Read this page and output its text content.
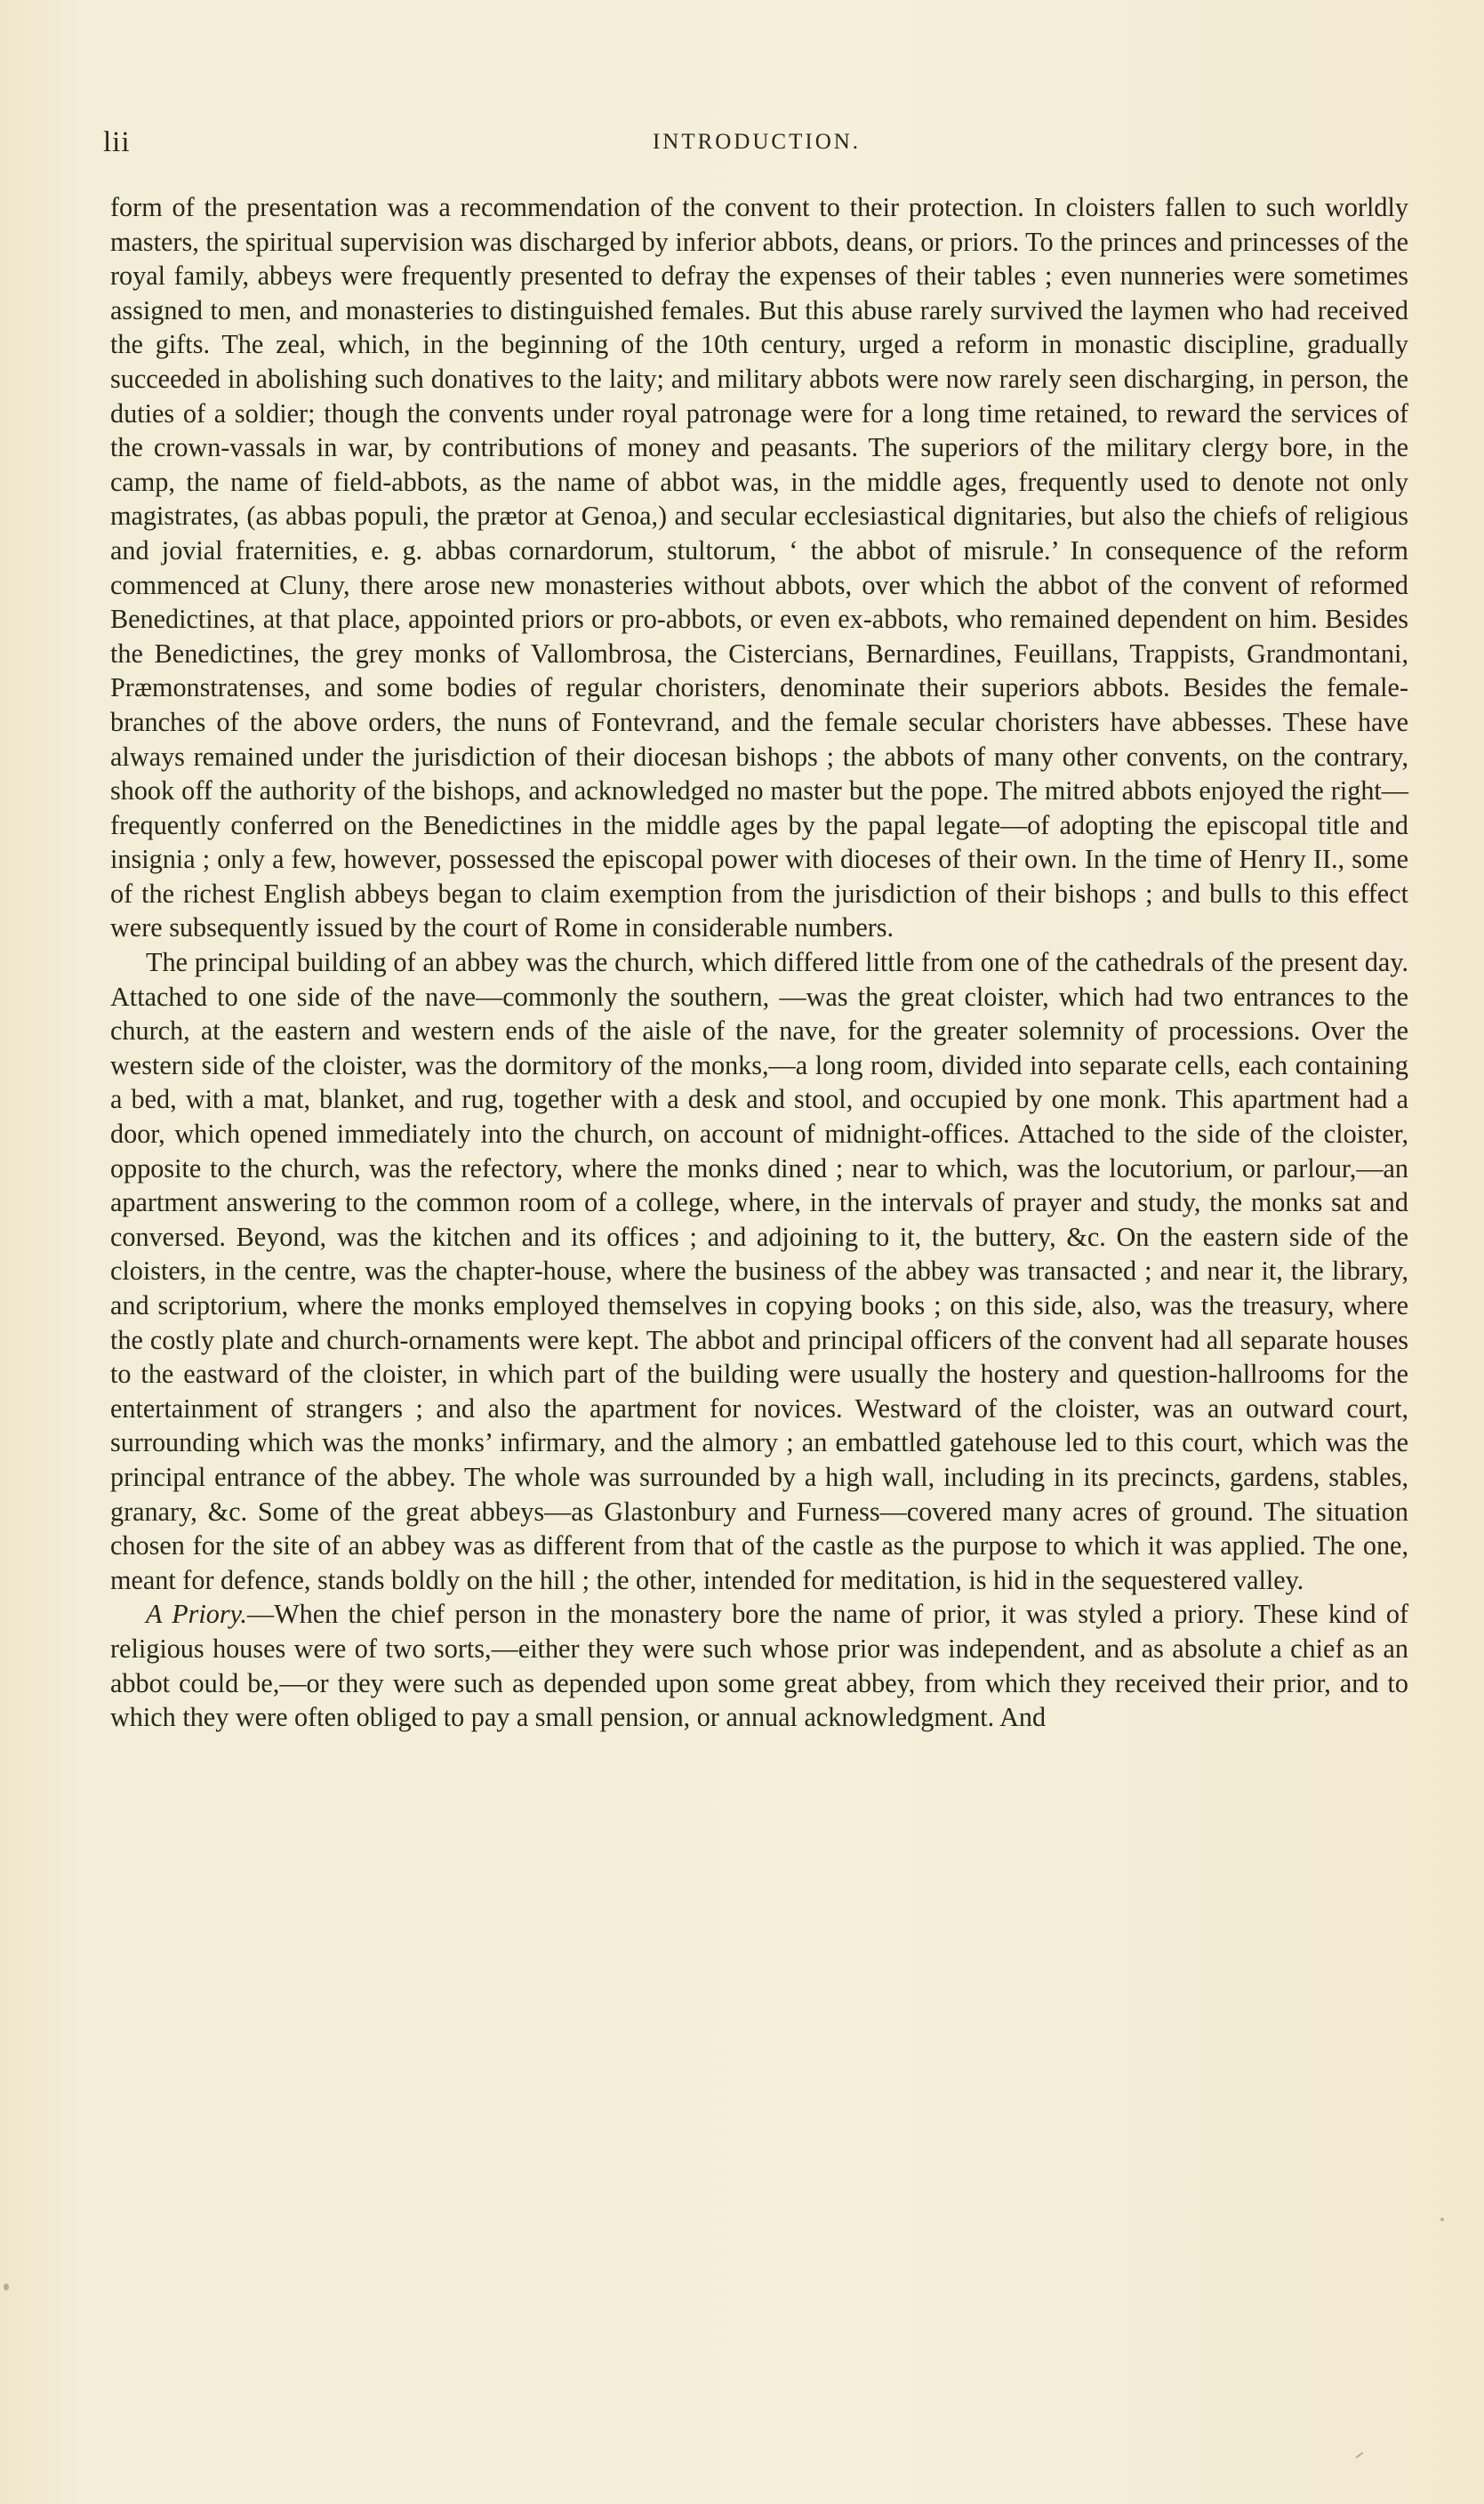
lii	INTRODUCTION.

form of the presentation was a recommendation of the convent to their protection. In cloisters fallen to such worldly masters, the spiritual supervision was discharged by inferior abbots, deans, or priors. To the princes and princesses of the royal family, abbeys were frequently presented to defray the expenses of their tables ; even nunneries were sometimes assigned to men, and monasteries to distinguished females. But this abuse rarely survived the laymen who had received the gifts. The zeal, which, in the beginning of the 10th century, urged a reform in monastic discipline, gradually succeeded in abolishing such donatives to the laity; and military abbots were now rarely seen discharging, in person, the duties of a soldier; though the convents under royal patronage were for a long time retained, to reward the services of the crown-vassals in war, by contributions of money and peasants. The superiors of the military clergy bore, in the camp, the name of field-abbots, as the name of abbot was, in the middle ages, frequently used to denote not only magistrates, (as abbas populi, the prætor at Genoa,) and secular ecclesiastical dignitaries, but also the chiefs of religious and jovial fraternities, e. g. abbas cornardorum, stultorum, ‘ the abbot of misrule.’ In consequence of the reform commenced at Cluny, there arose new monasteries without abbots, over which the abbot of the convent of reformed Benedictines, at that place, appointed priors or pro-abbots, or even ex-abbots, who remained dependent on him. Besides the Benedictines, the grey monks of Vallombrosa, the Cistercians, Bernardines, Feuillans, Trappists, Grandmontani, Præmonstratenses, and some bodies of regular choristers, denominate their superiors abbots. Besides the female-branches of the above orders, the nuns of Fontevrand, and the female secular choristers have abbesses. These have always remained under the jurisdiction of their diocesan bishops ; the abbots of many other convents, on the contrary, shook off the authority of the bishops, and acknowledged no master but the pope. The mitred abbots enjoyed the right—frequently conferred on the Benedictines in the middle ages by the papal legate—of adopting the episcopal title and insignia ; only a few, however, possessed the episcopal power with dioceses of their own. In the time of Henry II., some of the richest English abbeys began to claim exemption from the jurisdiction of their bishops ; and bulls to this effect were subsequently issued by the court of Rome in considerable numbers.

The principal building of an abbey was the church, which differed little from one of the cathedrals of the present day. Attached to one side of the nave—commonly the southern, —was the great cloister, which had two entrances to the church, at the eastern and western ends of the aisle of the nave, for the greater solemnity of processions. Over the western side of the cloister, was the dormitory of the monks,—a long room, divided into separate cells, each containing a bed, with a mat, blanket, and rug, together with a desk and stool, and occupied by one monk. This apartment had a door, which opened immediately into the church, on account of midnight-offices. Attached to the side of the cloister, opposite to the church, was the refectory, where the monks dined ; near to which, was the locutorium, or parlour,—an apartment answering to the common room of a college, where, in the intervals of prayer and study, the monks sat and conversed. Beyond, was the kitchen and its offices ; and adjoining to it, the buttery, &c. On the eastern side of the cloisters, in the centre, was the chapter-house, where the business of the abbey was transacted ; and near it, the library, and scriptorium, where the monks employed themselves in copying books ; on this side, also, was the treasury, where the costly plate and church-ornaments were kept. The abbot and principal officers of the convent had all separate houses to the eastward of the cloister, in which part of the building were usually the hostery and question-hallrooms for the entertainment of strangers ; and also the apartment for novices. Westward of the cloister, was an outward court, surrounding which was the monks’ infirmary, and the almory ; an embattled gatehouse led to this court, which was the principal entrance of the abbey. The whole was surrounded by a high wall, including in its precincts, gardens, stables, granary, &c. Some of the great abbeys—as Glastonbury and Furness—covered many acres of ground. The situation chosen for the site of an abbey was as different from that of the castle as the purpose to which it was applied. The one, meant for defence, stands boldly on the hill ; the other, intended for meditation, is hid in the sequestered valley.

A Priory.—When the chief person in the monastery bore the name of prior, it was styled a priory. These kind of religious houses were of two sorts,—either they were such whose prior was independent, and as absolute a chief as an abbot could be,—or they were such as depended upon some great abbey, from which they received their prior, and to which they were often obliged to pay a small pension, or annual acknowledgment. And
